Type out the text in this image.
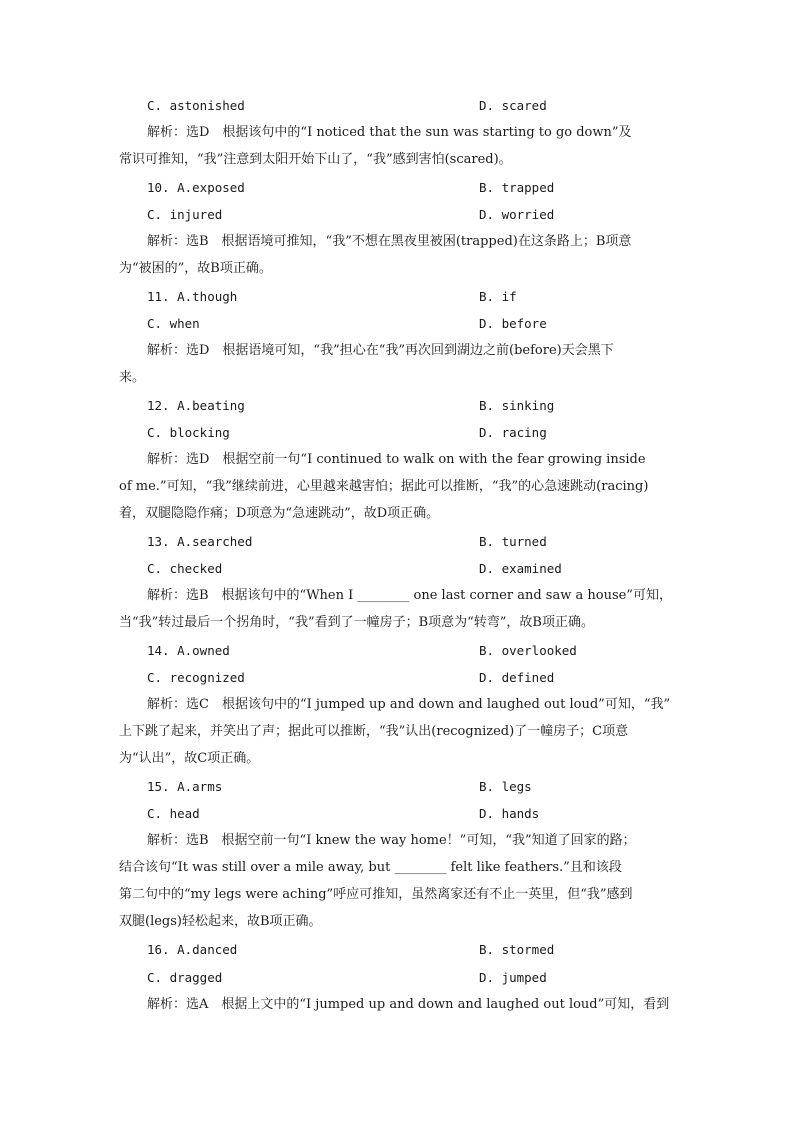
C. astonished	D. scared
解析：选D　根据该句中的“I noticed that the sun was starting to go down”及
常识可推知，“我”注意到太阳开始下山了，“我”感到害怕(scared)。
10. A.exposed	B. trapped
C. injured	D. worried
解析：选B　根据语境可推知，“我”不想在黑夜里被困(trapped)在这条路上；B项意
为“被困的”，故B项正确。
11. A.though	B. if
C. when	D. before
解析：选D　根据语境可知，“我”担心在“我”再次回到湖边之前(before)天会黑下
来。
12. A.beating	B. sinking
C. blocking	D. racing
解析：选D　根据空前一句“I continued to walk on with the fear growing inside
of me.”可知，“我”继续前进，心里越来越害怕；据此可以推断，“我”的心急速跳动(racing)
着，双腿隐隐作痛；D项意为“急速跳动”，故D项正确。
13. A.searched	B. turned
C. checked	D. examined
解析：选B　根据该句中的“When I ________ one last corner and saw a house”可知，
当“我”转过最后一个拐角时，“我”看到了一幢房子；B项意为“转弯”，故B项正确。
14. A.owned	B. overlooked
C. recognized	D. defined
解析：选C　根据该句中的“I jumped up and down and laughed out loud”可知，“我”
上下跳了起来，并笑出了声；据此可以推断，“我”认出(recognized)了一幢房子；C项意
为“认出”，故C项正确。
15. A.arms	B. legs
C. head	D. hands
解析：选B　根据空前一句“I knew the way home！”可知，“我”知道了回家的路；
结合该句“It was still over a mile away, but ________ felt like feathers.”且和该段
第二句中的“my legs were aching”呼应可推知，虽然离家还有不止一英里，但“我”感到
双腿(legs)轻松起来，故B项正确。
16. A.danced	B. stormed
C. dragged	D. jumped
解析：选A　根据上文中的“I jumped up and down and laughed out loud”可知，看到
